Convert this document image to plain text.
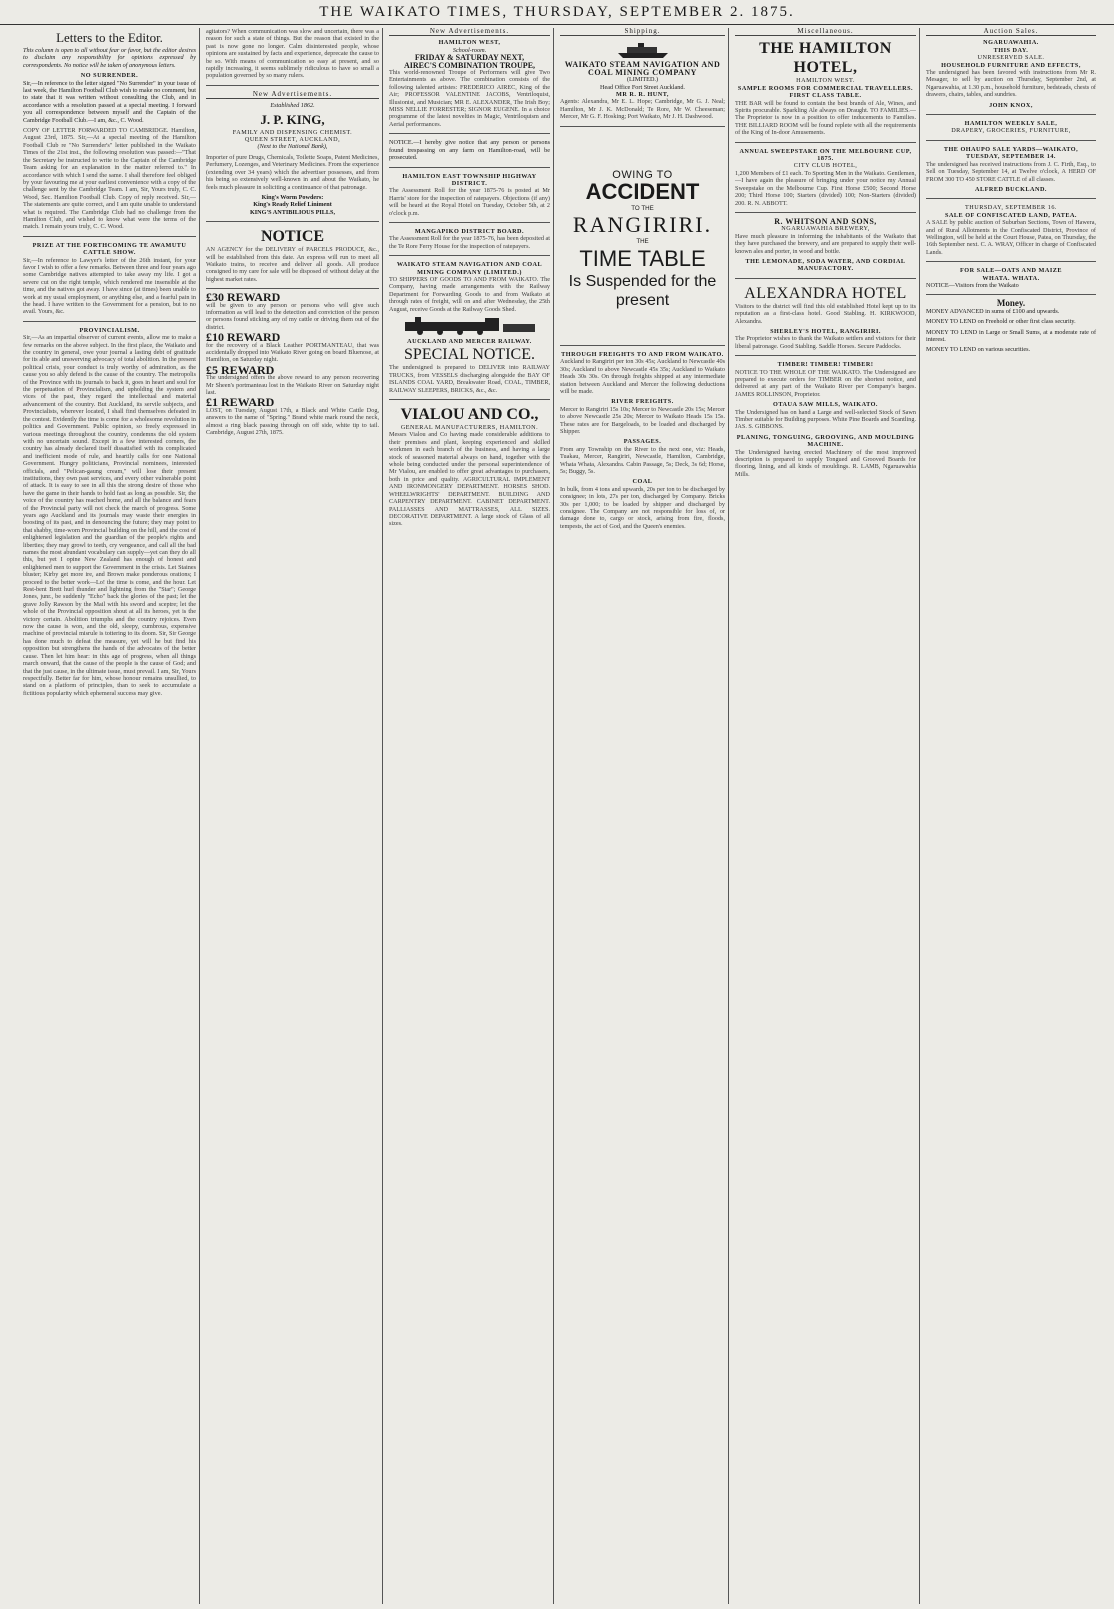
THE WAIKATO TIMES, THURSDAY, SEPTEMBER 2. 1875.
Letters to the Editor.
This column is open to all without fear or favor, but the editor desires to disclaim any responsibility for opinions expressed by correspondents. No notice will be taken of anonymous letters.
NO SURRENDER.
Sir,—In reference to the letter signed "No Surrender" in your issue of last week, the Hamilton Football Club wish to make no comment, but to state that it was written without consulting the Club, and in accordance with a resolution passed at a special meeting. I forward you all correspondence between myself and the Captain of the Cambridge Football Club.—I am, &c., C. Wood.
COPY OF LETTER FORWARDED TO CAMBRIDGE. Hamilton, August 23rd, 1875. Sir,—At a special meeting of the Hamilton Football Club re "No Surrender's" letter published in the Waikato Times of the 21st inst., the following resolution was passed:—"That the Secretary be instructed to write to the Captain of the Cambridge Team asking for an explanation in the matter referred to." In accordance with which I send the same. I shall therefore feel obliged by your favouring me at your earliest convenience with a copy of the challenge sent by the Cambridge Team. I am, Sir, Yours truly, C. C. Wood, Sec. Hamilton Football Club. Copy of reply received. Sir,—The statements are quite correct, and I am quite unable to understand what is required. The Cambridge Club had no challenge from the Hamilton Club, and wished to know what were the terms of the match. I remain yours truly, C. C. Wood.
PRIZE AT THE FORTHCOMING TE AWAMUTU CATTLE SHOW.
Sir,—In reference to Lawyer's letter of the 26th instant, for your favor I wish to offer a few remarks. Between three and four years ago some Cambridge natives attempted to take away my life. I got a severe cut on the right temple, which rendered me insensible at the time, and the natives got away. I have since (at times) been unable to work at my usual employment, or anything else, and a fearful pain in the head. I have written to the Government for a pension, but to no avail. Yours, &c.
PROVINCIALISM.
Sir,—As an impartial observer of current events, allow me to make a few remarks on the above subject. In the first place, the Waikato and the country in general, owe your journal a lasting debt of gratitude for its able and unswerving advocacy of total abolition. In the present political crisis, your conduct is truly worthy of admiration, as the cause you so ably defend is the cause of the country. The metropolis of the Province with its journals to back it, goes in heart and soul for the perpetuation of Provincialism, and upholding the system and vices of the past, they regard the intellectual and material advancement of the country. But Auckland, its servile subjects, and Provincialists, wherever located, I shall find themselves defeated in the contest. Evidently the time is come for a wholesome revolution in politics and Government. Public opinion, so freely expressed in various meetings throughout the country, condemns the old system with no uncertain sound. Except in a few interested corners, the country has already declared itself dissatisfied with its complicated and inefficient mode of rule, and heartily calls for one National Government. Hungry politicians, Provincial nominees, interested officials, and "Pelican-gaung cream," will lose their present institutions, they own past services, and every other vulnerable point of attack. It is easy to see in all this the strong desire of those who have the game in their hands to hold fast as long as possible. Sir, the voice of the country has reached home, and all the balance and fears of the Provincial party will not check the march of progress. Some years ago Auckland and its journals may waste their energies in boosting of its past, and in denouncing the future; they may point to that shabby, time-worn Provincial building on the hill, and the cost of enlightened legislation and the guardian of the people's rights and liberties; they may growl to teeth, cry vengeance, and call all the bad names the most abundant vocabulary can supply—yet can they do all this, but yet I opine New Zealand has enough of honest and enlightened men to support the Government in the crisis. Let Staines bluster; Kirby get more ire, and Brown make ponderous orations; I proceed to the better work—Lo! the time is come, and the hour. Let Rest-bent Brett hurl thunder and lightning from the "Star"; George Jones, junr., be suddenly "Echo" back the glories of the past; let the grave Jolly Rawson by the Mail with his sword and sceptre; let the whole of the Provincial opposition shout at all its heroes, yet is the victory certain. Abolition triumphs and the country rejoices. Even now the cause is won, and the old, sleepy, cumbrous, expensive machine of provincial misrule is tottering to its doom. Sir, Sir George has done much to defeat the measure, yet will he but find his opposition but strengthens the hands of the advocates of the better cause. Then let him hear: in this age of progress, when all things march onward, that the cause of the people is the cause of God; and that the just cause, in the ultimate issue, must prevail. I am, Sir, Yours respectfully. Better far for him, whose honour remains unsullied, to stand on a platform of principles, than to seek to accumulate a fictitious popularity which ephemeral success may give.
agitators? When communication was slow and uncertain, there was a reason for such a state of things. But the reason that existed in the past is now gone no longer. Calm disinterested people, whose opinions are sustained by facts and experience, deprecate the cause to be so. With means of communication so easy at present, and so rapidly increasing, it seems sublimely ridiculous to have so small a population governed by so many rulers.
New Advertisements.
Established 1862.
J. P. KING,
FAMILY AND DISPENSING CHEMIST.
QUEEN STREET, AUCKLAND,
(Next to the National Bank),
Importer of pure Drugs, Chemicals, Toilette Soaps, Patent Medicines, Perfumery, Lozenges, and Veterinary Medicines. From the experience (extending over 34 years) which the advertiser possesses, and from his being so extensively well-known in and about the Waikato, he feels much pleasure in soliciting a continuance of that patronage.
King's Worm Powders:
King's Ready Relief Liniment
KING'S ANTIBILIOUS PILLS,
NOTICE
AN AGENCY for the DELIVERY of PARCELS PRODUCE, &c., will be established from this date. An express will run to meet all Waikato trains, to receive and deliver all goods. All produce consigned to my care for sale will be disposed of without delay at the highest market rates.
£30 REWARD
will be given to any person or persons who will give such information as will lead to the detection and conviction of the person or persons found sticking any of my cattle or driving them out of the district.
£10 REWARD
for the recovery of a Black Leather PORTMANTEAU, that was accidentally dropped into Waikato River going on board Bluenose, at Hamilton, on Saturday night.
£5 REWARD
The undersigned offers the above reward to any person recovering Mr Sheen's portmanteau lost in the Waikato River on Saturday night last.
£1 REWARD
LOST, on Tuesday, August 17th, a Black and White Cattle Dog, answers to the name of "Spring." Brand white mark round the neck, almost a ring black passing through on off side, white tip to tail. Cambridge, August 27th, 1875.
New Advertisements.
HAMILTON WEST,
School-room.
FRIDAY & SATURDAY NEXT,
AIREC'S COMBINATION TROUPE,
This world-renowned Troupe of Performers will give Two Entertainments as above. The combination consists of the following talented artistes: FREDERICO AIREC, King of the Air; PROFESSOR VALENTINE JACOBS, Ventriloquist, Illusionist, and Musician; MR E. ALEXANDER, The Irish Boy; MISS NELLIE FORRESTER; SIGNOR EUGENE. In a choice programme of the latest novelties in Magic, Ventriloquism and Aerial performances.
NOTICE.—I hereby give notice that any person or persons found trespassing on any farm on Hamilton-road, will be prosecuted.
HAMILTON EAST TOWNSHIP HIGHWAY DISTRICT.
The Assessment Roll for the year 1875-76 is posted at Mr Harris' store for the inspection of ratepayers. Objections (if any) will be heard at the Royal Hotel on Tuesday, October 5th, at 2 o'clock p.m.
MANGAPIKO DISTRICT BOARD.
The Assessment Roll for the year 1875-76, has been deposited at the Te Rore Ferry House for the inspection of ratepayers.
WAIKATO STEAM NAVIGATION AND COAL MINING COMPANY (LIMITED.)
TO SHIPPERS OF GOODS TO AND FROM WAIKATO. The Company, having made arrangements with the Railway Department for Forwarding Goods to and from Waikato at through rates of freight, will on and after Wednesday, the 25th August, receive Goods at the Railway Goods Shed.
AUCKLAND AND MERCER RAILWAY.
SPECIAL NOTICE.
The undersigned is prepared to DELIVER into RAILWAY TRUCKS, from VESSELS discharging alongside the BAY OF ISLANDS COAL YARD, Breakwater Road, COAL, TIMBER, RAILWAY SLEEPERS, BRICKS, &c., &c.
VIALOU AND CO.,
GENERAL MANUFACTURERS, HAMILTON.
Messrs Vialou and Co having made considerable additions to their premises and plant, keeping experienced and skilled workmen in each branch of the business, and having a large stock of seasoned material always on hand, together with the whole being conducted under the personal superintendence of Mr Vialou, are enabled to offer great advantages to purchasers, both in price and quality. AGRICULTURAL IMPLEMENT AND IRONMONGERY DEPARTMENT. HORSES SHOD. WHEELWRIGHTS' DEPARTMENT. BUILDING AND CARPENTRY DEPARTMENT. CABINET DEPARTMENT. PALLIASSES AND MATTRASSES, ALL SIZES. DECORATIVE DEPARTMENT. A large stock of Glass of all sizes.
Shipping.
WAIKATO STEAM NAVIGATION AND COAL MINING COMPANY
(LIMITED.)
Head Office Fort Street Auckland.
MR R. R. HUNT,
Agents: Alexandra, Mr E. L. Hope; Cambridge, Mr G. J. Neal; Hamilton, Mr J. K. McDonald; Te Rore, Mr W. Cheeseman; Mercer, Mr G. F. Hosking; Port Waikato, Mr J. H. Dashwood.
OWING TO
ACCIDENT
TO THE
RANGIRIRI.
THE
TIME TABLE
Is Suspended for the present
THROUGH FREIGHTS TO AND FROM WAIKATO.
Auckland to Rangiriri per ton 30s 45s; Auckland to Newcastle 40s 30s; Auckland to above Newcastle 45s 35s; Auckland to Waikato Heads 30s 30s. On through freights shipped at any intermediate station between Auckland and Mercer the following deductions will be made.
RIVER FREIGHTS.
Mercer to Rangiriri 15s 10s; Mercer to Newcastle 20s 15s; Mercer to above Newcastle 25s 20s; Mercer to Waikato Heads 15s 15s. These rates are for Bargeloads, to be loaded and discharged by Shipper.
PASSAGES.
From any Township on the River to the next one, viz: Heads, Tuakau, Mercer, Rangiriri, Newcastle, Hamilton, Cambridge, Whata Whata, Alexandra. Cabin Passage, 5s; Deck, 3s 6d; Horse, 5s; Buggy, 5s.
COAL
In bulk, from 4 tons and upwards, 20s per ton to be discharged by consignee; in lots, 27s per ton, discharged by Company. Bricks 30s per 1,000; to be loaded by shipper and discharged by consignee. The Company are not responsible for loss of, or damage done to, cargo or stock, arising from fire, floods, tempests, the act of God, and the Queen's enemies.
Miscellaneous.
THE HAMILTON HOTEL,
HAMILTON WEST.
SAMPLE ROOMS FOR COMMERCIAL TRAVELLERS.
FIRST CLASS TABLE.
THE BAR will be found to contain the best brands of Ale, Wines, and Spirits procurable. Sparkling Ale always on Draught. TO FAMILIES.—The Proprietor is now in a position to offer inducements to Families. THE BILLIARD ROOM will be found replete with all the requirements of the King of In-door Amusements.
ANNUAL SWEEPSTAKE ON THE MELBOURNE CUP, 1875.
CITY CLUB HOTEL,
1,200 Members of £1 each. To Sporting Men in the Waikato. Gentlemen,—I have again the pleasure of bringing under your notice my Annual Sweepstake on the Melbourne Cup. First Horse £500; Second Horse 200; Third Horse 100; Starters (divided) 100; Non-Starters (divided) 200. R. N. ABBOTT.
R. WHITSON AND SONS,
NGARUAWAHIA BREWERY,
Have much pleasure in informing the inhabitants of the Waikato that they have purchased the brewery, and are prepared to supply their well-known ales and porter, in wood and bottle.
THE LEMONADE, SODA WATER, AND CORDIAL MANUFACTORY.
ALEXANDRA HOTEL
Visitors to the district will find this old established Hotel kept up to its reputation as a first-class hotel. Good Stabling. H. KIRKWOOD, Alexandra.
SHERLEY'S HOTEL, RANGIRIRI.
The Proprietor wishes to thank the Waikato settlers and visitors for their liberal patronage. Good Stabling. Saddle Horses. Secure Paddocks.
TIMBER! TIMBER! TIMBER!
NOTICE TO THE WHOLE OF THE WAIKATO. The Undersigned are prepared to execute orders for TIMBER on the shortest notice, and delivered at any part of the Waikato River per Company's barges. JAMES ROLLINSON, Proprietor.
OTAUA SAW MILLS, WAIKATO.
The Undersigned has on hand a Large and well-selected Stock of Sawn Timber suitable for Building purposes. White Pine Boards and Scantling. JAS. S. GIBBONS.
PLANING, TONGUING, GROOVING, AND MOULDING MACHINE.
The Undersigned having erected Machinery of the most improved description is prepared to supply Tongued and Grooved Boards for flooring, lining, and all kinds of mouldings. R. LAMB, Ngaruawahia Mills.
Auction Sales.
NGARUAWAHIA.
THIS DAY.
UNRESERVED SALE.
HOUSEHOLD FURNITURE AND EFFECTS,
The undersigned has been favored with instructions from Mr R. Mesager, to sell by auction on Thursday, September 2nd, at Ngaruawahia, at 1.30 p.m., household furniture, bedsteads, chests of drawers, chairs, tables, and sundries.
JOHN KNOX,
HAMILTON WEEKLY SALE,
DRAPERY, GROCERIES, FURNITURE,
THE OHAUPO SALE YARDS—WAIKATO,
TUESDAY, SEPTEMBER 14.
The undersigned has received instructions from J. C. Firth, Esq., to Sell on Tuesday, September 14, at Twelve o'clock, A HERD OF FROM 300 TO 450 STORE CATTLE of all classes.
ALFRED BUCKLAND.
THURSDAY, SEPTEMBER 16.
SALE OF CONFISCATED LAND, PATEA.
A SALE by public auction of Suburban Sections, Town of Hawera, and of Rural Allotments in the Confiscated District, Province of Wellington, will be held at the Court House, Patea, on Thursday, the 16th September next. C. A. WRAY, Officer in charge of Confiscated Lands.
FOR SALE—OATS AND MAIZE
WHATA. WHATA.
NOTICE—Visitors from the Waikato
Money.
MONEY ADVANCED in sums of £100 and upwards.
MONEY TO LEND on Freehold or other first class security.
MONEY TO LEND in Large or Small Sums, at a moderate rate of interest.
MONEY TO LEND on various securities.
